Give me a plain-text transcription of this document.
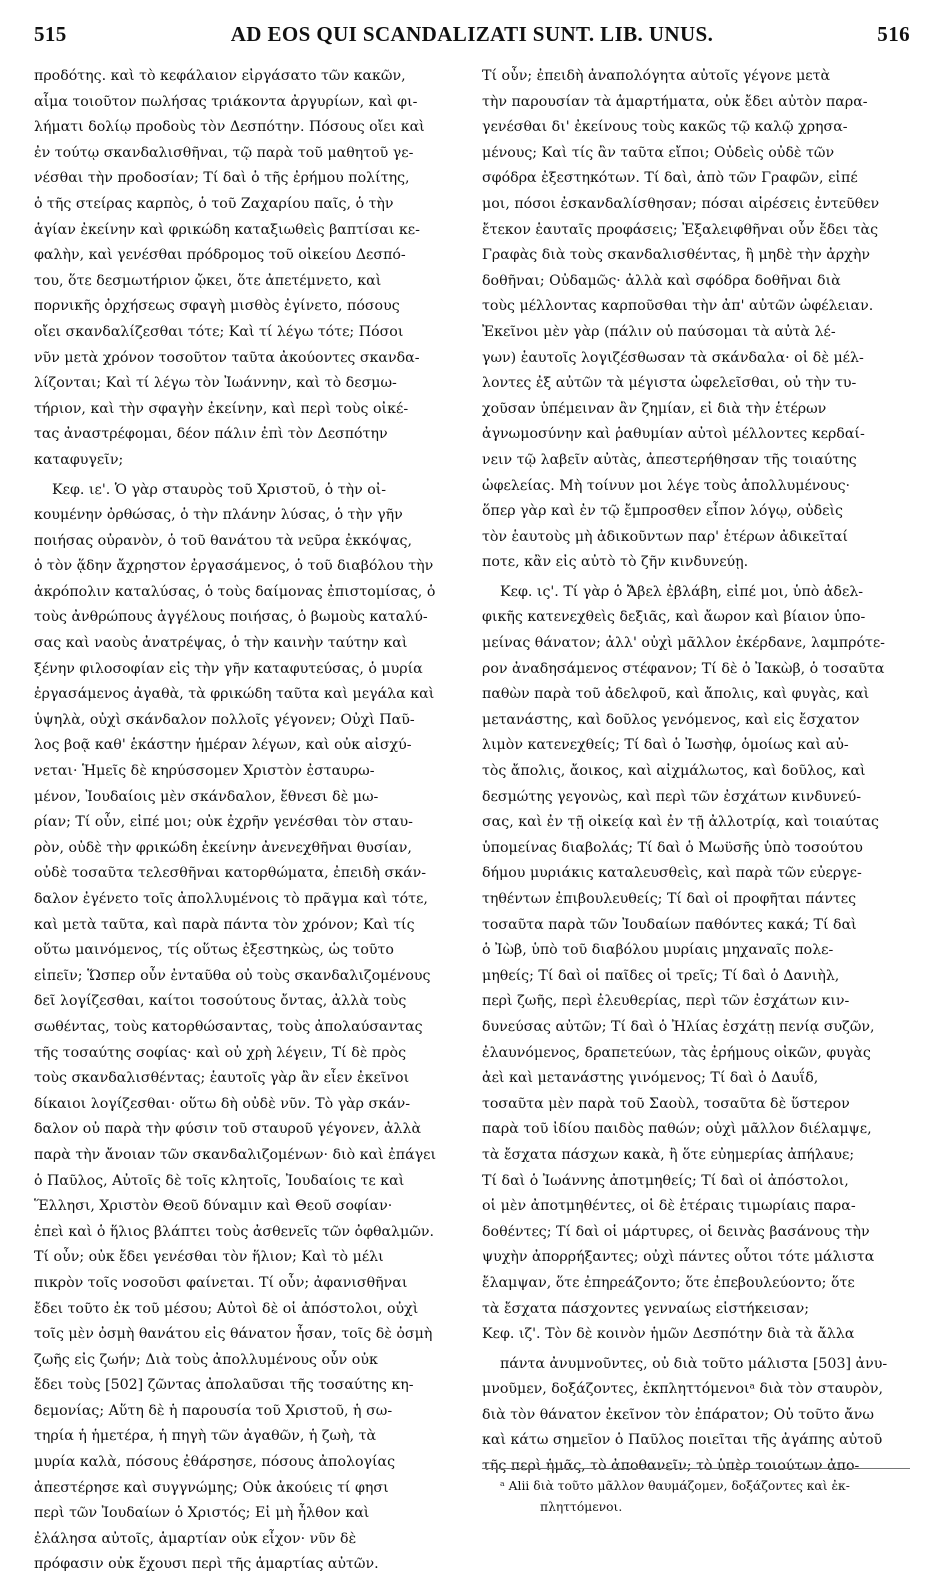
515	AD EOS QUI SCANDALIZATI SUNT. LIB. UNUS.	516
προδότης. καὶ τὸ κεφάλαιον εἰργάσατο τῶν κακῶν,
αἷμα τοιοῦτον πωλήσας τριάκοντα ἀργυρίων, καὶ φι-
λήματι δολίῳ προδοὺς τὸν Δεσπότην. Πόσους οἴει καὶ
ἐν τούτῳ σκανδαλισθῆναι, τῷ παρὰ τοῦ μαθητοῦ γε-
νέσθαι τὴν προδοσίαν; Τί δαὶ ὁ τῆς ἐρήμου πολίτης,
ὁ τῆς στείρας καρπὸς, ὁ τοῦ Ζαχαρίου παῖς, ὁ τὴν
ἁγίαν ἐκείνην καὶ φρικώδη καταξιωθεὶς βαπτίσαι κε-
φαλὴν, καὶ γενέσθαι πρόδρομος τοῦ οἰκείου Δεσπό-
του, ὅτε δεσμωτήριον ᾤκει, ὅτε ἀπετέμνετο, καὶ
πορνικῆς ὀρχήσεως σφαγὴ μισθὸς ἐγίνετο, πόσους
οἴει σκανδαλίζεσθαι τότε; Καὶ τί λέγω τότε; Πόσοι
νῦν μετὰ χρόνον τοσοῦτον ταῦτα ἀκούοντες σκανδα-
λίζονται; Καὶ τί λέγω τὸν Ἰωάννην, καὶ τὸ δεσμω-
τήριον, καὶ τὴν σφαγὴν ἐκείνην, καὶ περὶ τοὺς οἰκέ-
τας ἀναστρέφομαι, δέον πάλιν ἐπὶ τὸν Δεσπότην
καταφυγεῖν;
Κεφ. ιε'. Ὁ γὰρ σταυρὸς τοῦ Χριστοῦ, ὁ τὴν οἰ-
κουμένην ὀρθώσας, ὁ τὴν πλάνην λύσας, ὁ τὴν γῆν
ποιήσας οὐρανὸν, ὁ τοῦ θανάτου τὰ νεῦρα ἐκκόψας,
ὁ τὸν ᾅδην ἄχρηστον ἐργασάμενος, ὁ τοῦ διαβόλου τὴν
ἀκρόπολιν καταλύσας, ὁ τοὺς δαίμονας ἐπιστομίσας, ὁ
τοὺς ἀνθρώπους ἀγγέλους ποιήσας, ὁ βωμοὺς καταλύ-
σας καὶ ναοὺς ἀνατρέψας, ὁ τὴν καινὴν ταύτην καὶ
ξένην φιλοσοφίαν εἰς τὴν γῆν καταφυτεύσας, ὁ μυρία
ἐργασάμενος ἀγαθὰ, τὰ φρικώδη ταῦτα καὶ μεγάλα καὶ
ὑψηλὰ, οὐχὶ σκάνδαλον πολλοῖς γέγονεν; Οὐχὶ Παῦ-
λος βοᾷ καθ' ἑκάστην ἡμέραν λέγων, καὶ οὐκ αἰσχύ-
νεται· Ἡμεῖς δὲ κηρύσσομεν Χριστὸν ἐσταυρω-
μένον, Ἰουδαίοις μὲν σκάνδαλον, ἔθνεσι δὲ μω-
ρίαν; Τί οὖν, εἰπέ μοι; οὐκ ἐχρῆν γενέσθαι τὸν σταυ-
ρὸν, οὐδὲ τὴν φρικώδη ἐκείνην ἀνενεχθῆναι θυσίαν,
οὐδὲ τοσαῦτα τελεσθῆναι κατορθώματα, ἐπειδὴ σκάν-
δαλον ἐγένετο τοῖς ἀπολλυμένοις τὸ πρᾶγμα καὶ τότε,
καὶ μετὰ ταῦτα, καὶ παρὰ πάντα τὸν χρόνον; Καὶ τίς
οὕτω μαινόμενος, τίς οὕτως ἐξεστηκὼς, ὡς τοῦτο
εἰπεῖν; Ὥσπερ οὖν ἐνταῦθα οὐ τοὺς σκανδαλιζομένους
δεῖ λογίζεσθαι, καίτοι τοσούτους ὄντας, ἀλλὰ τοὺς
σωθέντας, τοὺς κατορθώσαντας, τοὺς ἀπολαύσαντας
τῆς τοσαύτης σοφίας· καὶ οὐ χρὴ λέγειν, Τί δὲ πρὸς
τοὺς σκανδαλισθέντας; ἑαυτοῖς γὰρ ἂν εἶεν ἐκεῖνοι
δίκαιοι λογίζεσθαι· οὕτω δὴ οὐδὲ νῦν. Τὸ γὰρ σκάν-
δαλον οὐ παρὰ τὴν φύσιν τοῦ σταυροῦ γέγονεν, ἀλλὰ
παρὰ τὴν ἄνοιαν τῶν σκανδαλιζομένων· διὸ καὶ ἐπάγει
ὁ Παῦλος, Αὐτοῖς δὲ τοῖς κλητοῖς, Ἰουδαίοις τε καὶ
Ἕλλησι, Χριστὸν Θεοῦ δύναμιν καὶ Θεοῦ σοφίαν·
ἐπεὶ καὶ ὁ ἥλιος βλάπτει τοὺς ἀσθενεῖς τῶν ὀφθαλμῶν.
Τί οὖν; οὐκ ἔδει γενέσθαι τὸν ἥλιον; Καὶ τὸ μέλι
πικρὸν τοῖς νοσοῦσι φαίνεται. Τί οὖν; ἀφανισθῆναι
ἔδει τοῦτο ἐκ τοῦ μέσου; Αὐτοὶ δὲ οἱ ἀπόστολοι, οὐχὶ
τοῖς μὲν ὀσμὴ θανάτου εἰς θάνατον ἦσαν, τοῖς δὲ ὀσμὴ
ζωῆς εἰς ζωήν; Διὰ τοὺς ἀπολλυμένους οὖν οὐκ
ἔδει τοὺς [502] ζῶντας ἀπολαῦσαι τῆς τοσαύτης κη-
δεμονίας; Αὕτη δὲ ἡ παρουσία τοῦ Χριστοῦ, ἡ σω-
τηρία ἡ ἡμετέρα, ἡ πηγὴ τῶν ἀγαθῶν, ἡ ζωὴ, τὰ
μυρία καλὰ, πόσους ἐθάρσησε, πόσους ἀπολογίας
ἀπεστέρησε καὶ συγγνώμης; Οὐκ ἀκούεις τί φησι
περὶ τῶν Ἰουδαίων ὁ Χριστός; Εἰ μὴ ἦλθον καὶ
ἐλάλησα αὐτοῖς, ἁμαρτίαν οὐκ εἶχον· νῦν δὲ
πρόφασιν οὐκ ἔχουσι περὶ τῆς ἁμαρτίας αὐτῶν.
Τί οὖν; ἐπειδὴ ἀναπολόγητα αὐτοῖς γέγονε μετὰ
τὴν παρουσίαν τὰ ἁμαρτήματα, οὐκ ἔδει αὐτὸν παρα-
γενέσθαι δι' ἐκείνους τοὺς κακῶς τῷ καλῷ χρησα-
μένους; Καὶ τίς ἂν ταῦτα εἴποι; Οὐδεὶς οὐδὲ τῶν
σφόδρα ἐξεστηκότων. Τί δαὶ, ἀπὸ τῶν Γραφῶν, εἰπέ
μοι, πόσοι ἐσκανδαλίσθησαν; πόσαι αἱρέσεις ἐντεῦθεν
ἔτεκον ἑαυταῖς προφάσεις; Ἐξαλειφθῆναι οὖν ἔδει τὰς
Γραφὰς διὰ τοὺς σκανδαλισθέντας, ἢ μηδὲ τὴν ἀρχὴν
δοθῆναι; Οὐδαμῶς· ἀλλὰ καὶ σφόδρα δοθῆναι διὰ
τοὺς μέλλοντας καρποῦσθαι τὴν ἀπ' αὐτῶν ὠφέλειαν.
Ἐκεῖνοι μὲν γὰρ (πάλιν οὐ παύσομαι τὰ αὐτὰ λέ-
γων) ἑαυτοῖς λογιζέσθωσαν τὰ σκάνδαλα· οἱ δὲ μέλ-
λοντες ἐξ αὐτῶν τὰ μέγιστα ὠφελεῖσθαι, οὐ τὴν τυ-
χοῦσαν ὑπέμειναν ἂν ζημίαν, εἰ διὰ τὴν ἑτέρων
ἀγνωμοσύνην καὶ ῥαθυμίαν αὐτοὶ μέλλοντες κερδαί-
νειν τῷ λαβεῖν αὐτὰς, ἀπεστερήθησαν τῆς τοιαύτης
ὠφελείας. Μὴ τοίνυν μοι λέγε τοὺς ἀπολλυμένους·
ὅπερ γὰρ καὶ ἐν τῷ ἔμπροσθεν εἶπον λόγῳ, οὐδεὶς
τὸν ἑαυτοὺς μὴ ἀδικοῦντων παρ' ἑτέρων ἀδικεῖταί
ποτε, κἂν εἰς αὐτὸ τὸ ζῆν κινδυνεύῃ.
Κεφ. ις'. Τί γὰρ ὁ Ἄβελ ἐβλάβη, εἰπέ μοι, ὑπὸ ἀδελ-
φικῆς κατενεχθεὶς δεξιᾶς, καὶ ἄωρον καὶ βίαιον ὑπο-
μείνας θάνατον; ἀλλ' οὐχὶ μᾶλλον ἐκέρδανε, λαμπρότε-
ρον ἀναδησάμενος στέφανον; Τί δὲ ὁ Ἰακὼβ, ὁ τοσαῦτα
παθὼν παρὰ τοῦ ἀδελφοῦ, καὶ ἄπολις, καὶ φυγὰς, καὶ
μετανάστης, καὶ δοῦλος γενόμενος, καὶ εἰς ἔσχατον
λιμὸν κατενεχθείς; Τί δαὶ ὁ Ἰωσὴφ, ὁμοίως καὶ αὐ-
τὸς ἄπολις, ἄοικος, καὶ αἰχμάλωτος, καὶ δοῦλος, καὶ
δεσμώτης γεγονὼς, καὶ περὶ τῶν ἐσχάτων κινδυνεύ-
σας, καὶ ἐν τῇ οἰκείᾳ καὶ ἐν τῇ ἀλλοτρίᾳ, καὶ τοιαύτας
ὑπομείνας διαβολάς; Τί δαὶ ὁ Μωϋσῆς ὑπὸ τοσούτου
δήμου μυριάκις καταλευσθεὶς, καὶ παρὰ τῶν εὐεργε-
τηθέντων ἐπιβουλευθείς; Τί δαὶ οἱ προφῆται πάντες
τοσαῦτα παρὰ τῶν Ἰουδαίων παθόντες κακά; Τί δαὶ
ὁ Ἰὼβ, ὑπὸ τοῦ διαβόλου μυρίαις μηχαναῖς πολε-
μηθείς; Τί δαὶ οἱ παῖδες οἱ τρεῖς; Τί δαὶ ὁ Δανιὴλ,
περὶ ζωῆς, περὶ ἐλευθερίας, περὶ τῶν ἐσχάτων κιν-
δυνεύσας αὐτῶν; Τί δαὶ ὁ Ἠλίας ἐσχάτῃ πενίᾳ συζῶν,
ἐλαυνόμενος, δραπετεύων, τὰς ἐρήμους οἰκῶν, φυγὰς
ἀεὶ καὶ μετανάστης γινόμενος; Τί δαὶ ὁ Δαυΐδ,
τοσαῦτα μὲν παρὰ τοῦ Σαοὺλ, τοσαῦτα δὲ ὕστερον
παρὰ τοῦ ἰδίου παιδὸς παθών; οὐχὶ μᾶλλον διέλαμψε,
τὰ ἔσχατα πάσχων κακὰ, ἢ ὅτε εὐημερίας ἀπήλαυε;
Τί δαὶ ὁ Ἰωάννης ἀποτμηθείς; Τί δαὶ οἱ ἀπόστολοι,
οἱ μὲν ἀποτμηθέντες, οἱ δὲ ἑτέραις τιμωρίαις παρα-
δοθέντες; Τί δαὶ οἱ μάρτυρες, οἱ δεινὰς βασάνους τὴν
ψυχὴν ἀπορρήξαντες; οὐχὶ πάντες οὗτοι τότε μάλιστα
ἔλαμψαν, ὅτε ἐπηρεάζοντο; ὅτε ἐπεβουλεύοντο; ὅτε
τὰ ἔσχατα πάσχοντες γενναίως εἱστήκεισαν;
Κεφ. ιζ'. Τὸν δὲ κοινὸν ἡμῶν Δεσπότην διὰ τὰ ἄλλα
πάντα ἀνυμνοῦντες, οὐ διὰ τοῦτο μάλιστα [503] ἀνυ-
μνοῦμεν, δοξάζοντες, ἐκπληττόμενοιᵃ διὰ τὸν σταυρὸν,
διὰ τὸν θάνατον ἐκεῖνον τὸν ἐπάρατον; Οὐ τοῦτο ἄνω
καὶ κάτω σημεῖον ὁ Παῦλος ποιεῖται τῆς ἀγάπης αὐτοῦ
τῆς περὶ ἡμᾶς, τὸ ἀποθανεῖν; τὸ ὑπὲρ τοιούτων ἀπο-
ᵃ Alii διὰ τοῦτο μᾶλλον θαυμάζομεν, δοξάζοντες καὶ ἐκ-
πληττόμενοι.
